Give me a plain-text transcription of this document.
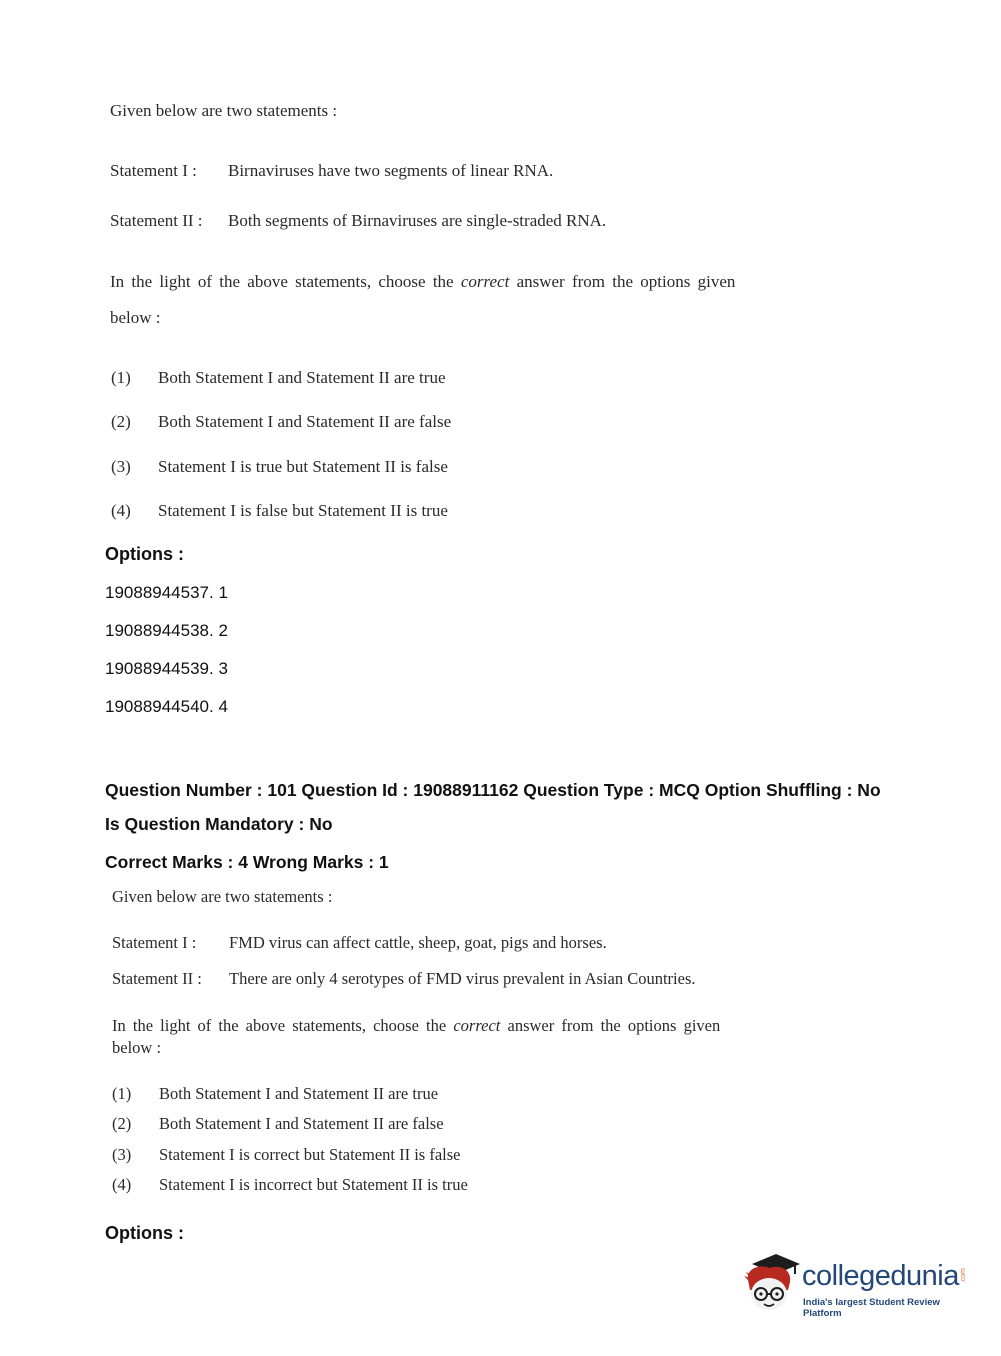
Given below are two statements :
Statement I : Birnaviruses have two segments of linear RNA.
Statement II : Both segments of Birnaviruses are single-straded RNA.
In the light of the above statements, choose the correct answer from the options given
below :
(1) Both Statement I and Statement II are true
(2) Both Statement I and Statement II are false
(3) Statement I is true but Statement II is false
(4) Statement I is false but Statement II is true
Options :
19088944537. 1
19088944538. 2
19088944539. 3
19088944540. 4
Question Number : 101 Question Id : 19088911162 Question Type : MCQ Option Shuffling : No
Is Question Mandatory : No
Correct Marks : 4 Wrong Marks : 1
Given below are two statements :
Statement I : FMD virus can affect cattle, sheep, goat, pigs and horses.
Statement II : There are only 4 serotypes of FMD virus prevalent in Asian Countries.
In the light of the above statements, choose the correct answer from the options given
below :
(1) Both Statement I and Statement II are true
(2) Both Statement I and Statement II are false
(3) Statement I is correct but Statement II is false
(4) Statement I is incorrect but Statement II is true
Options :
collegedunia .com
India's largest Student Review Platform
